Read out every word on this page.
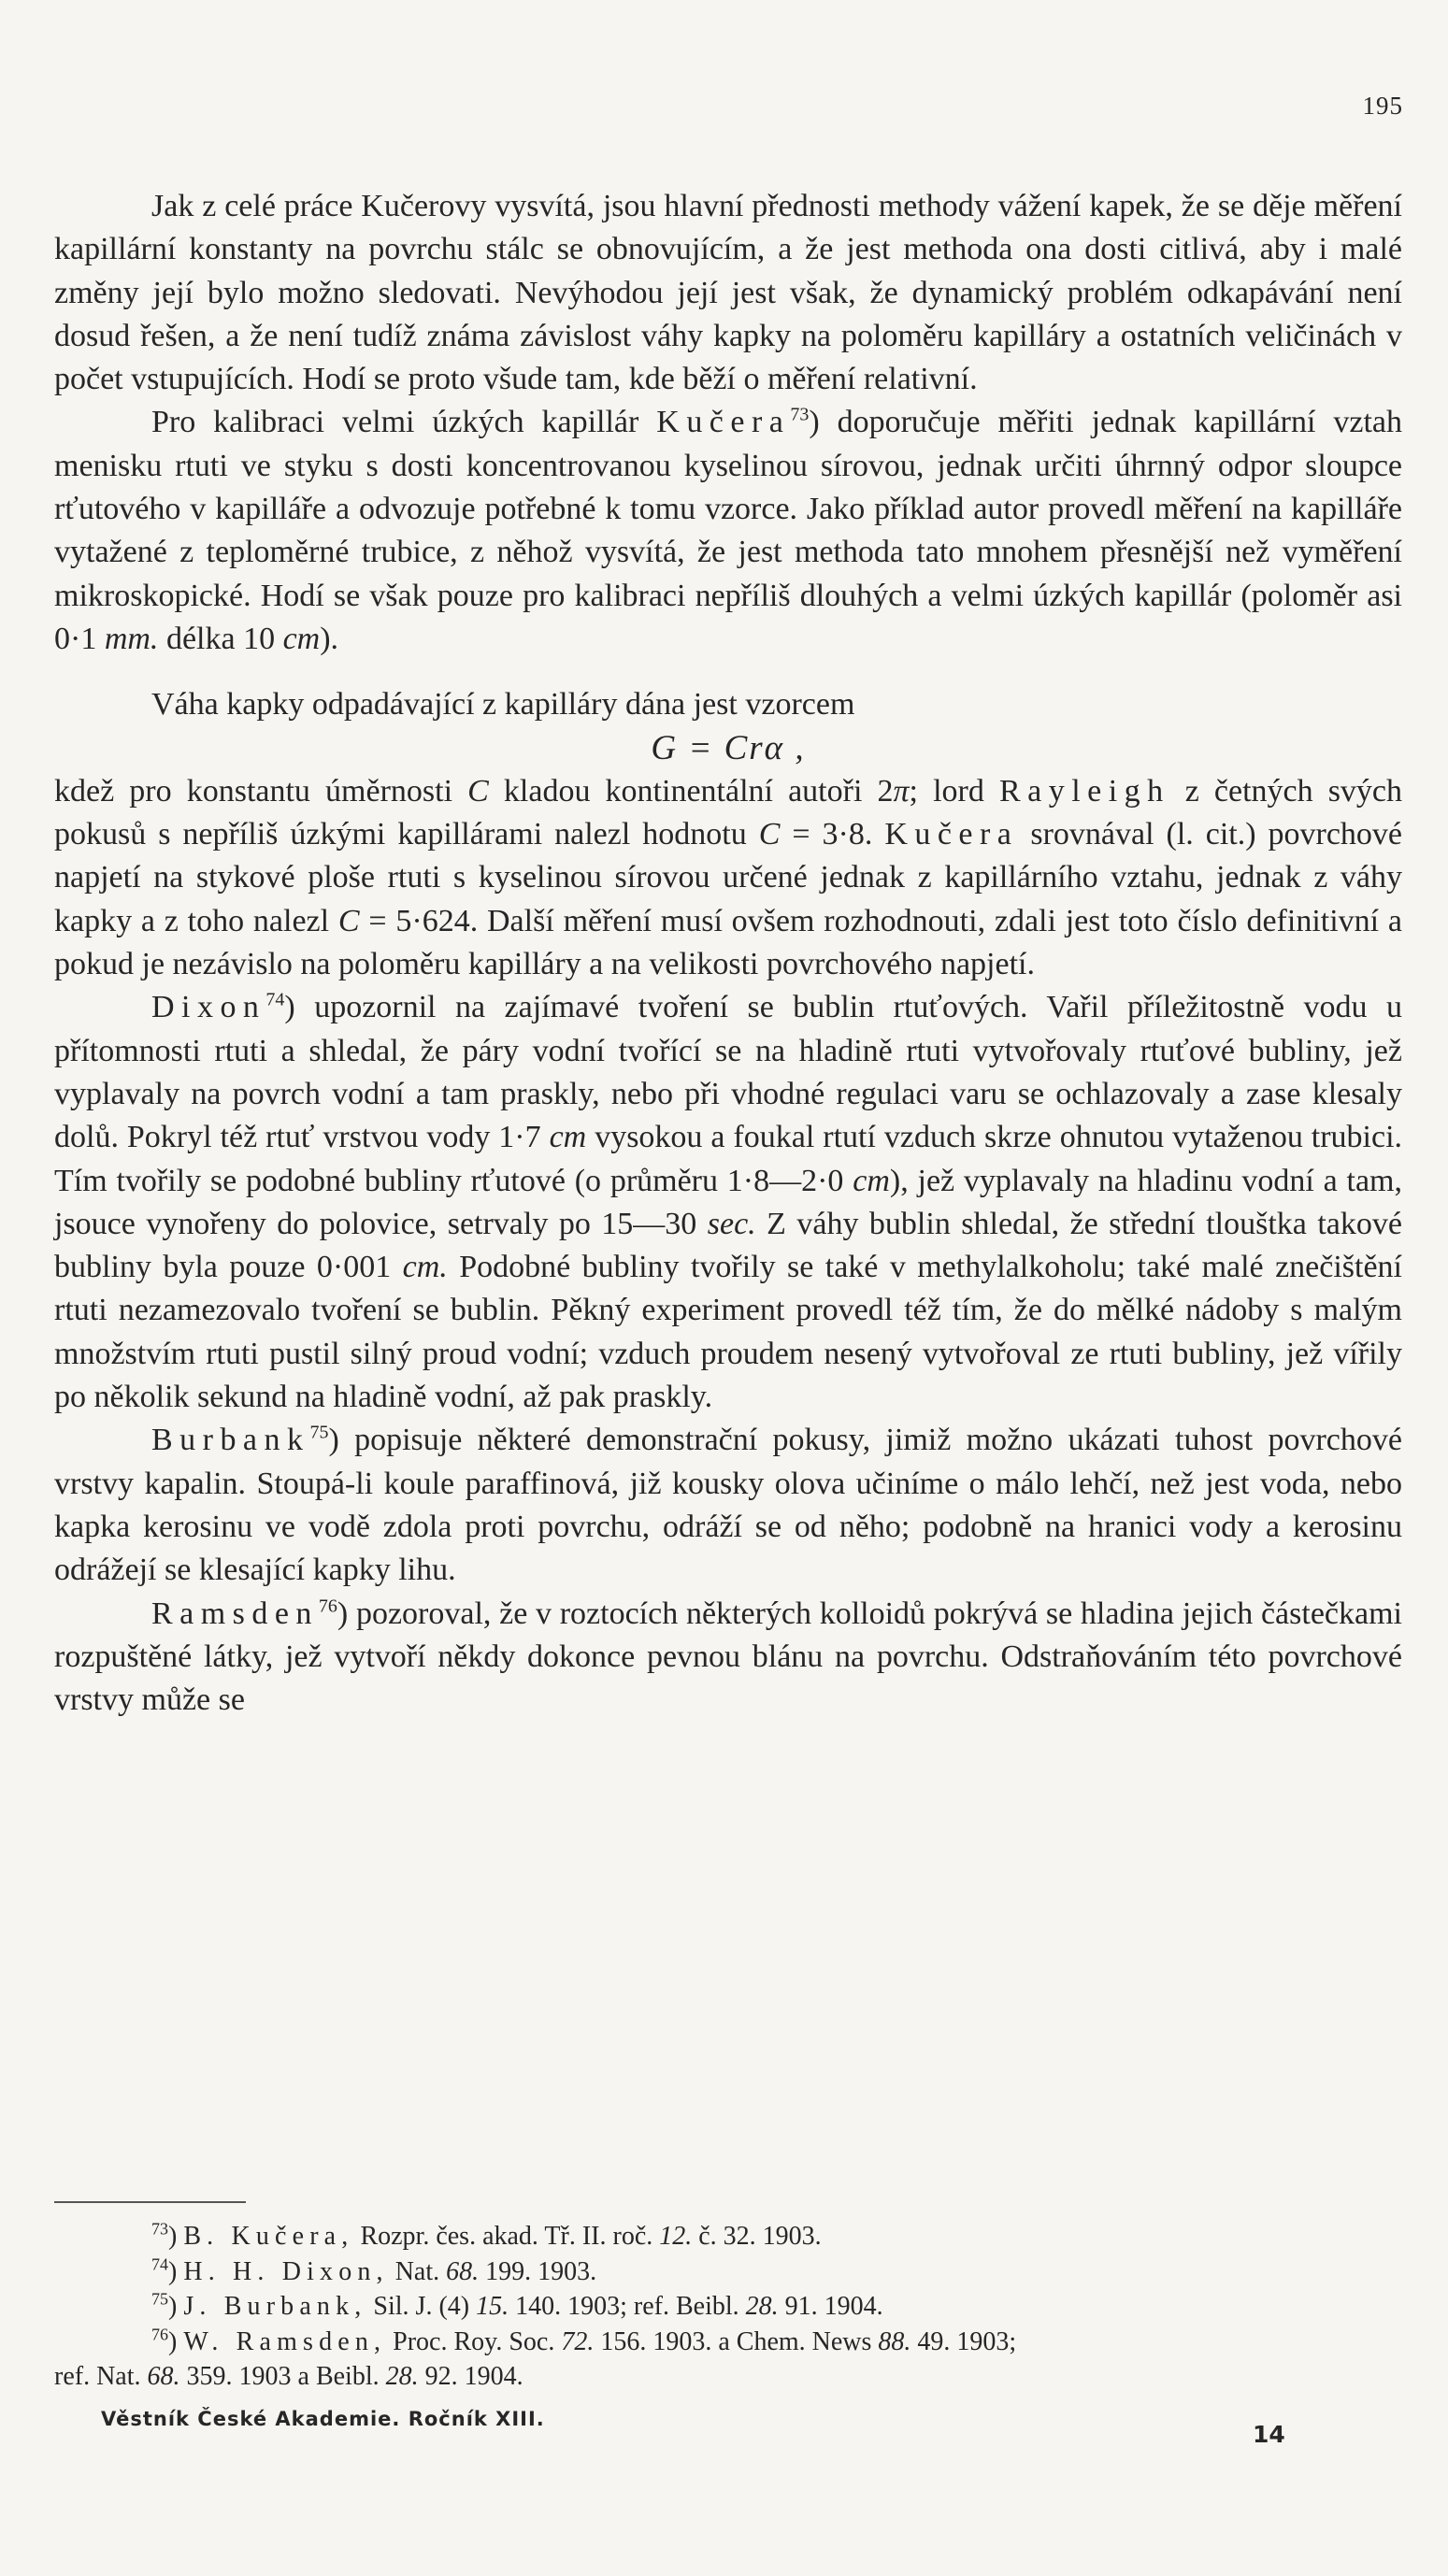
195

Jak z celé práce Kučerovy vysvítá, jsou hlavní přednosti methody vážení kapek, že se děje měření kapillární konstanty na povrchu stálc se obnovujícím, a že jest methoda ona dosti citlivá, aby i malé změny její bylo možno sledovati. Nevýhodou její jest však, že dynamický problém odkapávání není dosud řešen, a že není tudíž známa závislost váhy kapky na poloměru kapilláry a ostatních veličinách v počet vstupujících. Hodí se proto všude tam, kde běží o měření relativní.

Pro kalibraci velmi úzkých kapillár Kučera$^{73}$) doporučuje měřiti jednak kapillární vztah menisku rtuti ve styku s dosti koncentrovanou kyselinou sírovou, jednak určiti úhrnný odpor sloupce rťutového v kapilláře a odvozuje potřebné k tomu vzorce. Jako příklad autor provedl měření na kapilláře vytažené z teploměrné trubice, z něhož vysvítá, že jest methoda tato mnohem přesnější než vyměření mikroskopické. Hodí se však pouze pro kalibraci nepříliš dlouhých a velmi úzkých kapillár (poloměr asi 0·1 mm. délka 10 cm).

Váha kapky odpadávající z kapilláry dána jest vzorcem

G = Crα ,

kdež pro konstantu úměrnosti C kladou kontinentální autoři 2π; lord Rayleigh z četných svých pokusů s nepříliš úzkými kapillárami nalezl hodnotu C = 3·8. Kučera srovnával (l. cit.) povrchové napjetí na stykové ploše rtuti s kyselinou sírovou určené jednak z kapillárního vztahu, jednak z váhy kapky a z toho nalezl C = 5·624. Další měření musí ovšem rozhodnouti, zdali jest toto číslo definitivní a pokud je nezávislo na poloměru kapilláry a na velikosti povrchového napjetí.

Dixon$^{74}$) upozornil na zajímavé tvoření se bublin rtuťových. Vařil příležitostně vodu u přítomnosti rtuti a shledal, že páry vodní tvořící se na hladině rtuti vytvořovaly rtuťové bubliny, jež vyplavaly na povrch vodní a tam praskly, nebo při vhodné regulaci varu se ochlazovaly a zase klesaly dolů. Pokryl též rtuť vrstvou vody 1·7 cm vysokou a foukal rtutí vzduch skrze ohnutou vytaženou trubici. Tím tvořily se podobné bubliny rťutové (o průměru 1·8—2·0 cm), jež vyplavaly na hladinu vodní a tam, jsouce vynořeny do polovice, setrvaly po 15—30 sec. Z váhy bublin shledal, že střední tlouštka takové bubliny byla pouze 0·001 cm. Podobné bubliny tvořily se také v methylalkoholu; také malé znečištění rtuti nezamezovalo tvoření se bublin. Pěkný experiment provedl též tím, že do mělké nádoby s malým množstvím rtuti pustil silný proud vodní; vzduch proudem nesený vytvořoval ze rtuti bubliny, jež vířily po několik sekund na hladině vodní, až pak praskly.

Burbank$^{75}$) popisuje některé demonstrační pokusy, jimiž možno ukázati tuhost povrchové vrstvy kapalin. Stoupá-li koule paraffinová, již kousky olova učiníme o málo lehčí, než jest voda, nebo kapka kerosinu ve vodě zdola proti povrchu, odráží se od něho; podobně na hranici vody a kerosinu odrážejí se klesající kapky lihu.

Ramsden$^{76}$) pozoroval, že v roztocích některých kolloidů pokrývá se hladina jejich částečkami rozpuštěné látky, jež vytvoří někdy dokonce pevnou blánu na povrchu. Odstraňováním této povrchové vrstvy může se

$^{73}$) B. Kučera, Rozpr. čes. akad. Tř. II. roč. 12. č. 32. 1903.

$^{74}$) H. H. Dixon, Nat. 68. 199. 1903.

$^{75}$) J. Burbank, Sil. J. (4) 15. 140. 1903; ref. Beibl. 28. 91. 1904.

$^{76}$) W. Ramsden, Proc. Roy. Soc. 72. 156. 1903. a Chem. News 88. 49. 1903;

ref. Nat. 68. 359. 1903 a Beibl. 28. 92. 1904.

Věstník České Akademie. Ročník XIII.
14
